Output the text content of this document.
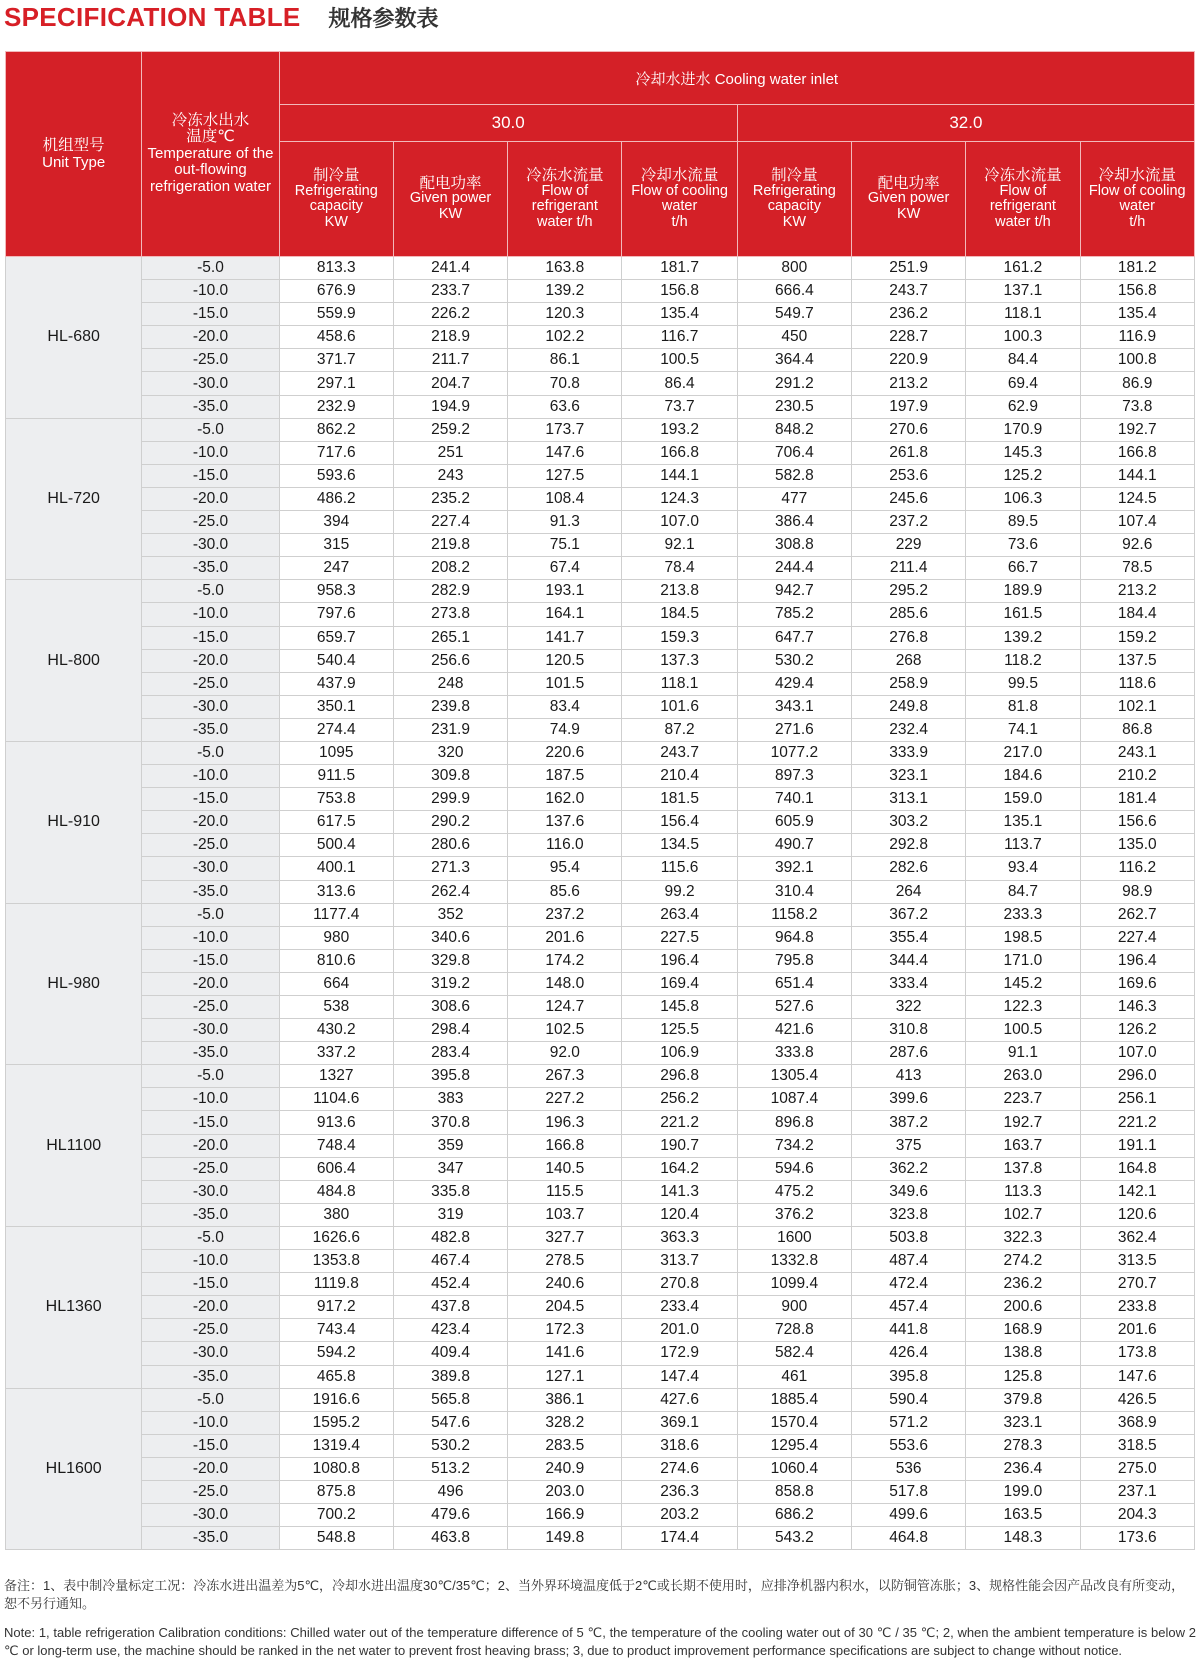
SPECIFICATION TABLE 规格参数表
机组型号
Unit Type	冷冻水出水
温度℃
Temperature of the out-flowing refrigeration water	冷却水进水 Cooling water inlet							
		30.0				32.0			

		制冷量
Refrigerating capacity
KW	配电功率
Given power
KW	冷冻水流量
Flow of refrigerant
water t/h	冷却水流量
Flow of cooling water
t/h	制冷量
Refrigerating capacity
KW	配电功率
Given power
KW	冷冻水流量
Flow of refrigerant
water t/h	冷却水流量
Flow of cooling water
t/h
HL-680	-5.0	813.3	241.4	163.8	181.7	800	251.9	161.2	181.2
	-10.0	676.9	233.7	139.2	156.8	666.4	243.7	137.1	156.8
	-15.0	559.9	226.2	120.3	135.4	549.7	236.2	118.1	135.4
	-20.0	458.6	218.9	102.2	116.7	450	228.7	100.3	116.9
	-25.0	371.7	211.7	86.1	100.5	364.4	220.9	84.4	100.8
	-30.0	297.1	204.7	70.8	86.4	291.2	213.2	69.4	86.9
	-35.0	232.9	194.9	63.6	73.7	230.5	197.9	62.9	73.8
HL-720	-5.0	862.2	259.2	173.7	193.2	848.2	270.6	170.9	192.7
	-10.0	717.6	251	147.6	166.8	706.4	261.8	145.3	166.8
	-15.0	593.6	243	127.5	144.1	582.8	253.6	125.2	144.1
	-20.0	486.2	235.2	108.4	124.3	477	245.6	106.3	124.5
	-25.0	394	227.4	91.3	107.0	386.4	237.2	89.5	107.4
	-30.0	315	219.8	75.1	92.1	308.8	229	73.6	92.6
	-35.0	247	208.2	67.4	78.4	244.4	211.4	66.7	78.5
HL-800	-5.0	958.3	282.9	193.1	213.8	942.7	295.2	189.9	213.2
	-10.0	797.6	273.8	164.1	184.5	785.2	285.6	161.5	184.4
	-15.0	659.7	265.1	141.7	159.3	647.7	276.8	139.2	159.2
	-20.0	540.4	256.6	120.5	137.3	530.2	268	118.2	137.5
	-25.0	437.9	248	101.5	118.1	429.4	258.9	99.5	118.6
	-30.0	350.1	239.8	83.4	101.6	343.1	249.8	81.8	102.1
	-35.0	274.4	231.9	74.9	87.2	271.6	232.4	74.1	86.8
HL-910	-5.0	1095	320	220.6	243.7	1077.2	333.9	217.0	243.1
	-10.0	911.5	309.8	187.5	210.4	897.3	323.1	184.6	210.2
	-15.0	753.8	299.9	162.0	181.5	740.1	313.1	159.0	181.4
	-20.0	617.5	290.2	137.6	156.4	605.9	303.2	135.1	156.6
	-25.0	500.4	280.6	116.0	134.5	490.7	292.8	113.7	135.0
	-30.0	400.1	271.3	95.4	115.6	392.1	282.6	93.4	116.2
	-35.0	313.6	262.4	85.6	99.2	310.4	264	84.7	98.9
HL-980	-5.0	1177.4	352	237.2	263.4	1158.2	367.2	233.3	262.7
	-10.0	980	340.6	201.6	227.5	964.8	355.4	198.5	227.4
	-15.0	810.6	329.8	174.2	196.4	795.8	344.4	171.0	196.4
	-20.0	664	319.2	148.0	169.4	651.4	333.4	145.2	169.6
	-25.0	538	308.6	124.7	145.8	527.6	322	122.3	146.3
	-30.0	430.2	298.4	102.5	125.5	421.6	310.8	100.5	126.2
	-35.0	337.2	283.4	92.0	106.9	333.8	287.6	91.1	107.0
HL1100	-5.0	1327	395.8	267.3	296.8	1305.4	413	263.0	296.0
	-10.0	1104.6	383	227.2	256.2	1087.4	399.6	223.7	256.1
	-15.0	913.6	370.8	196.3	221.2	896.8	387.2	192.7	221.2
	-20.0	748.4	359	166.8	190.7	734.2	375	163.7	191.1
	-25.0	606.4	347	140.5	164.2	594.6	362.2	137.8	164.8
	-30.0	484.8	335.8	115.5	141.3	475.2	349.6	113.3	142.1
	-35.0	380	319	103.7	120.4	376.2	323.8	102.7	120.6
HL1360	-5.0	1626.6	482.8	327.7	363.3	1600	503.8	322.3	362.4
	-10.0	1353.8	467.4	278.5	313.7	1332.8	487.4	274.2	313.5
	-15.0	1119.8	452.4	240.6	270.8	1099.4	472.4	236.2	270.7
	-20.0	917.2	437.8	204.5	233.4	900	457.4	200.6	233.8
	-25.0	743.4	423.4	172.3	201.0	728.8	441.8	168.9	201.6
	-30.0	594.2	409.4	141.6	172.9	582.4	426.4	138.8	173.8
	-35.0	465.8	389.8	127.1	147.4	461	395.8	125.8	147.6
HL1600	-5.0	1916.6	565.8	386.1	427.6	1885.4	590.4	379.8	426.5
	-10.0	1595.2	547.6	328.2	369.1	1570.4	571.2	323.1	368.9
	-15.0	1319.4	530.2	283.5	318.6	1295.4	553.6	278.3	318.5
	-20.0	1080.8	513.2	240.9	274.6	1060.4	536	236.4	275.0
	-25.0	875.8	496	203.0	236.3	858.8	517.8	199.0	237.1
	-30.0	700.2	479.6	166.9	203.2	686.2	499.6	163.5	204.3
	-35.0	548.8	463.8	149.8	174.4	543.2	464.8	148.3	173.6
备注：1、表中制冷量标定工况：冷冻水进出温差为5℃，冷却水进出温度30℃/35℃；2、当外界环境温度低于2℃或长期不使用时，应排净机器内积水，以防铜管冻胀；3、规格性能会因产品改良有所变动，恕不另行通知。
Note: 1, table refrigeration Calibration conditions: Chilled water out of the temperature difference of 5 ℃, the temperature of the cooling water out of 30 ℃ / 35 ℃; 2, when the ambient temperature is below 2 ℃ or long-term use, the machine should be ranked in the net water to prevent frost heaving brass; 3, due to product improvement performance specifications are subject to change without notice.
